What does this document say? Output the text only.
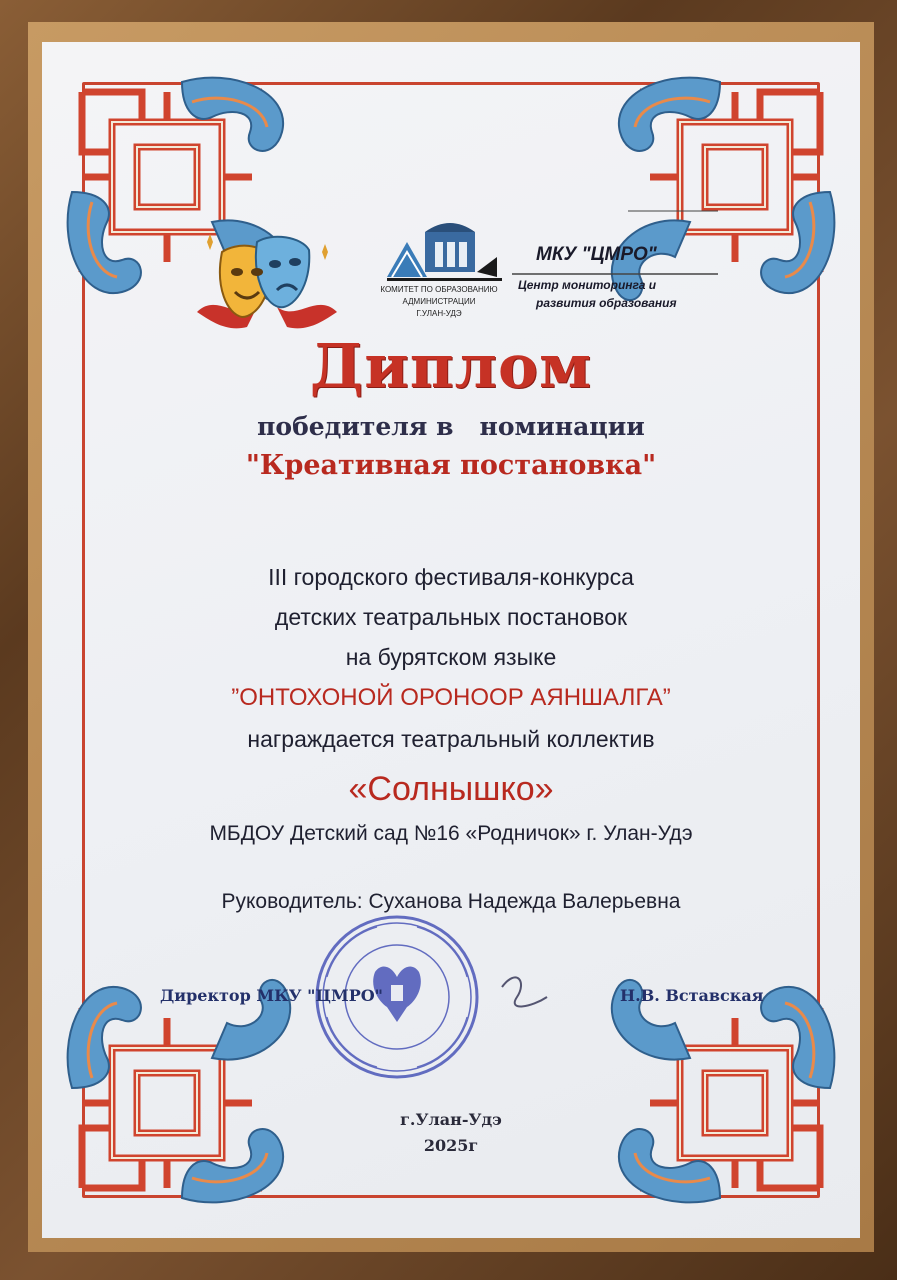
КОМИТЕТ ПО ОБРАЗОВАНИЮ
АДМИНИСТРАЦИИ
Г.УЛАН-УДЭ
МКУ "ЦМРО"
Центр мониторинга и
развития образования
Диплом
победителя в   номинации
"Креативная постановка"
III городского фестиваля-конкурса
детских театральных постановок
на бурятском языке
”ОНТОХОНОЙ ОРОНООР АЯНШАЛГА”
награждается театральный коллектив
«Солнышко»
МБДОУ Детский сад №16 «Родничок» г. Улан-Удэ
Руководитель: Суханова Надежда Валерьевна
Директор МКУ "ЦМРО"	Н.В. Вставская
г.Улан-Удэ
2025г
